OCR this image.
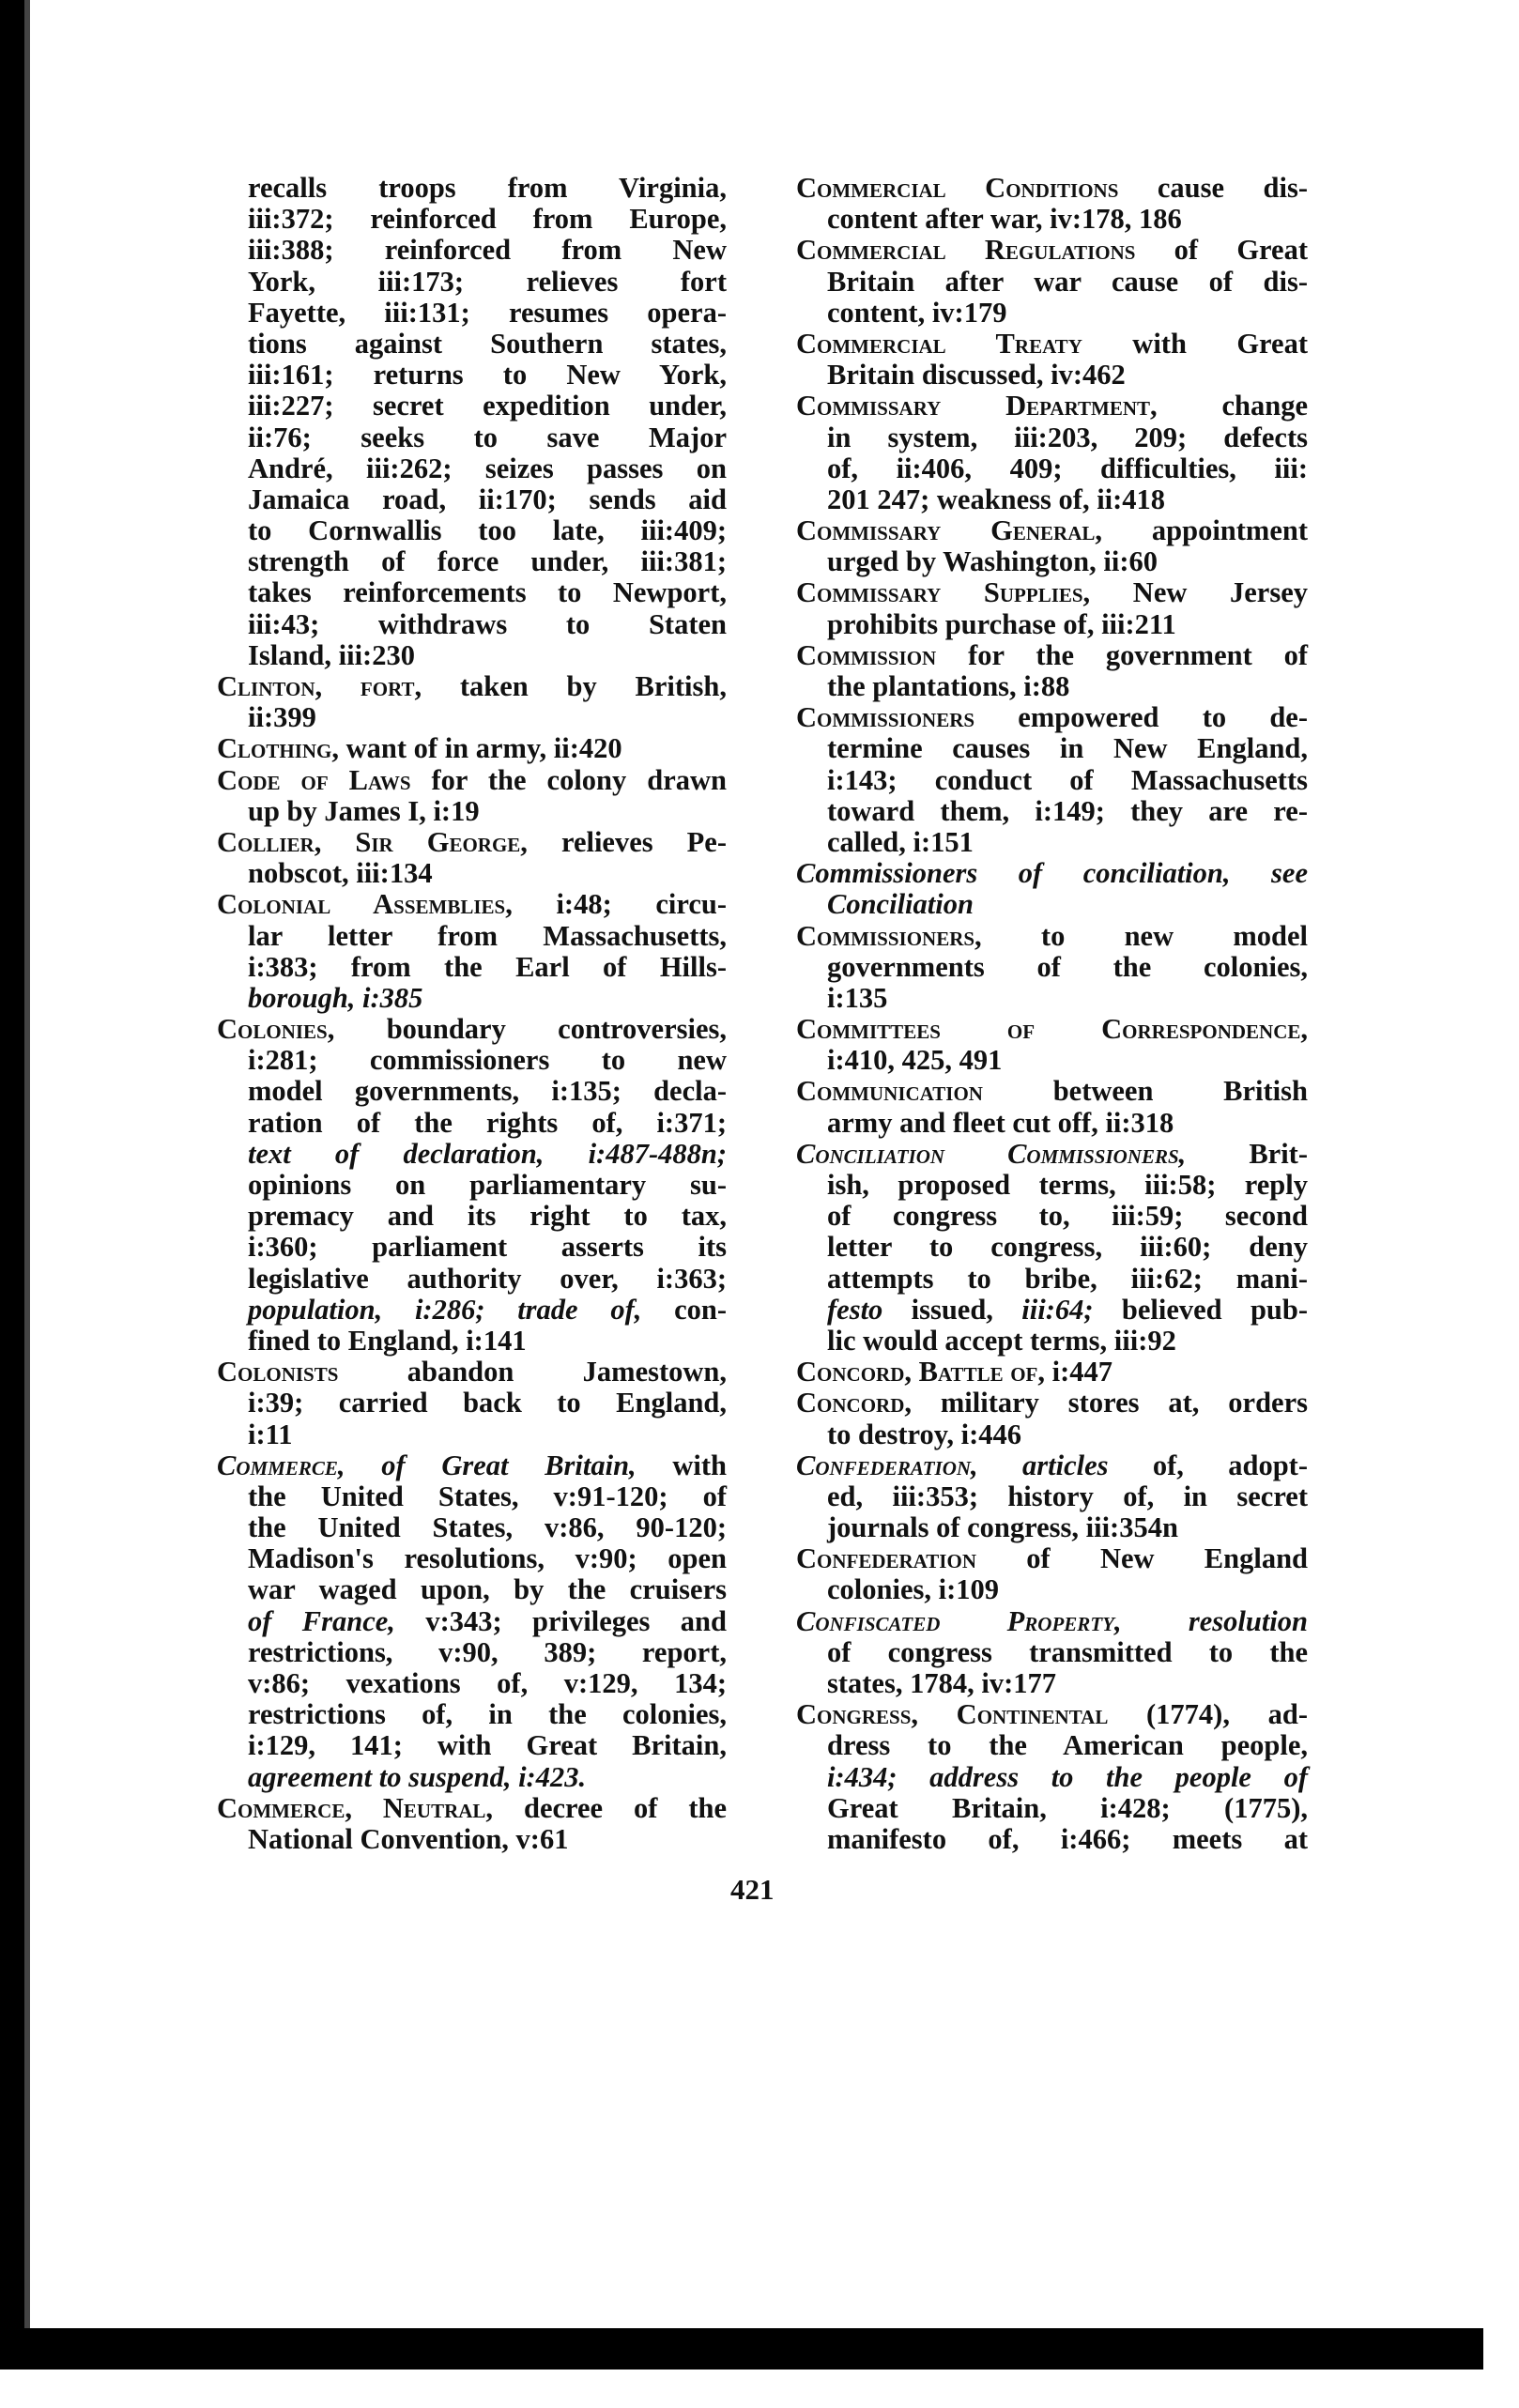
recalls troops from Virginia,
iii:372; reinforced from Europe,
iii:388; reinforced from New
York, iii:173; relieves fort
Fayette, iii:131; resumes opera-
tions against Southern states,
iii:161; returns to New York,
iii:227; secret expedition under,
ii:76; seeks to save Major
André, iii:262; seizes passes on
Jamaica road, ii:170; sends aid
to Cornwallis too late, iii:409;
strength of force under, iii:381;
takes reinforcements to Newport,
iii:43; withdraws to Staten
Island, iii:230
Clinton, fort, taken by British,
ii:399
Clothing, want of in army, ii:420
Code of Laws for the colony drawn
up by James I, i:19
Collier, Sir George, relieves Pe-
nobscot, iii:134
Colonial Assemblies, i:48; circu-
lar letter from Massachusetts,
i:383; from the Earl of Hills-
borough, i:385
Colonies, boundary controversies,
i:281; commissioners to new
model governments, i:135; decla-
ration of the rights of, i:371;
text of declaration, i:487-488n;
opinions on parliamentary su-
premacy and its right to tax,
i:360; parliament asserts its
legislative authority over, i:363;
population, i:286; trade of, con-
fined to England, i:141
Colonists abandon Jamestown,
i:39; carried back to England,
i:11
Commerce, of Great Britain, with
the United States, v:91-120; of
the United States, v:86, 90-120;
Madison's resolutions, v:90; open
war waged upon, by the cruisers
of France, v:343; privileges and
restrictions, v:90, 389; report,
v:86; vexations of, v:129, 134;
restrictions of, in the colonies,
i:129, 141; with Great Britain,
agreement to suspend, i:423.
Commerce, Neutral, decree of the
National Convention, v:61
Commercial Conditions cause dis-
content after war, iv:178, 186
Commercial Regulations of Great
Britain after war cause of dis-
content, iv:179
Commercial Treaty with Great
Britain discussed, iv:462
Commissary Department, change
in system, iii:203, 209; defects
of, ii:406, 409; difficulties, iii:
201 247; weakness of, ii:418
Commissary General, appointment
urged by Washington, ii:60
Commissary Supplies, New Jersey
prohibits purchase of, iii:211
Commission for the government of
the plantations, i:88
Commissioners empowered to de-
termine causes in New England,
i:143; conduct of Massachusetts
toward them, i:149; they are re-
called, i:151
Commissioners of conciliation, see
Conciliation
Commissioners, to new model
governments of the colonies,
i:135
Committees of Correspondence,
i:410, 425, 491
Communication between British
army and fleet cut off, ii:318
Conciliation Commissioners, Brit-
ish, proposed terms, iii:58; reply
of congress to, iii:59; second
letter to congress, iii:60; deny
attempts to bribe, iii:62; mani-
festo issued, iii:64; believed pub-
lic would accept terms, iii:92
Concord, Battle of, i:447
Concord, military stores at, orders
to destroy, i:446
Confederation, articles of, adopt-
ed, iii:353; history of, in secret
journals of congress, iii:354n
Confederation of New England
colonies, i:109
Confiscated Property, resolution
of congress transmitted to the
states, 1784, iv:177
Congress, Continental (1774), ad-
dress to the American people,
i:434; address to the people of
Great Britain, i:428; (1775),
manifesto of, i:466; meets at
421
